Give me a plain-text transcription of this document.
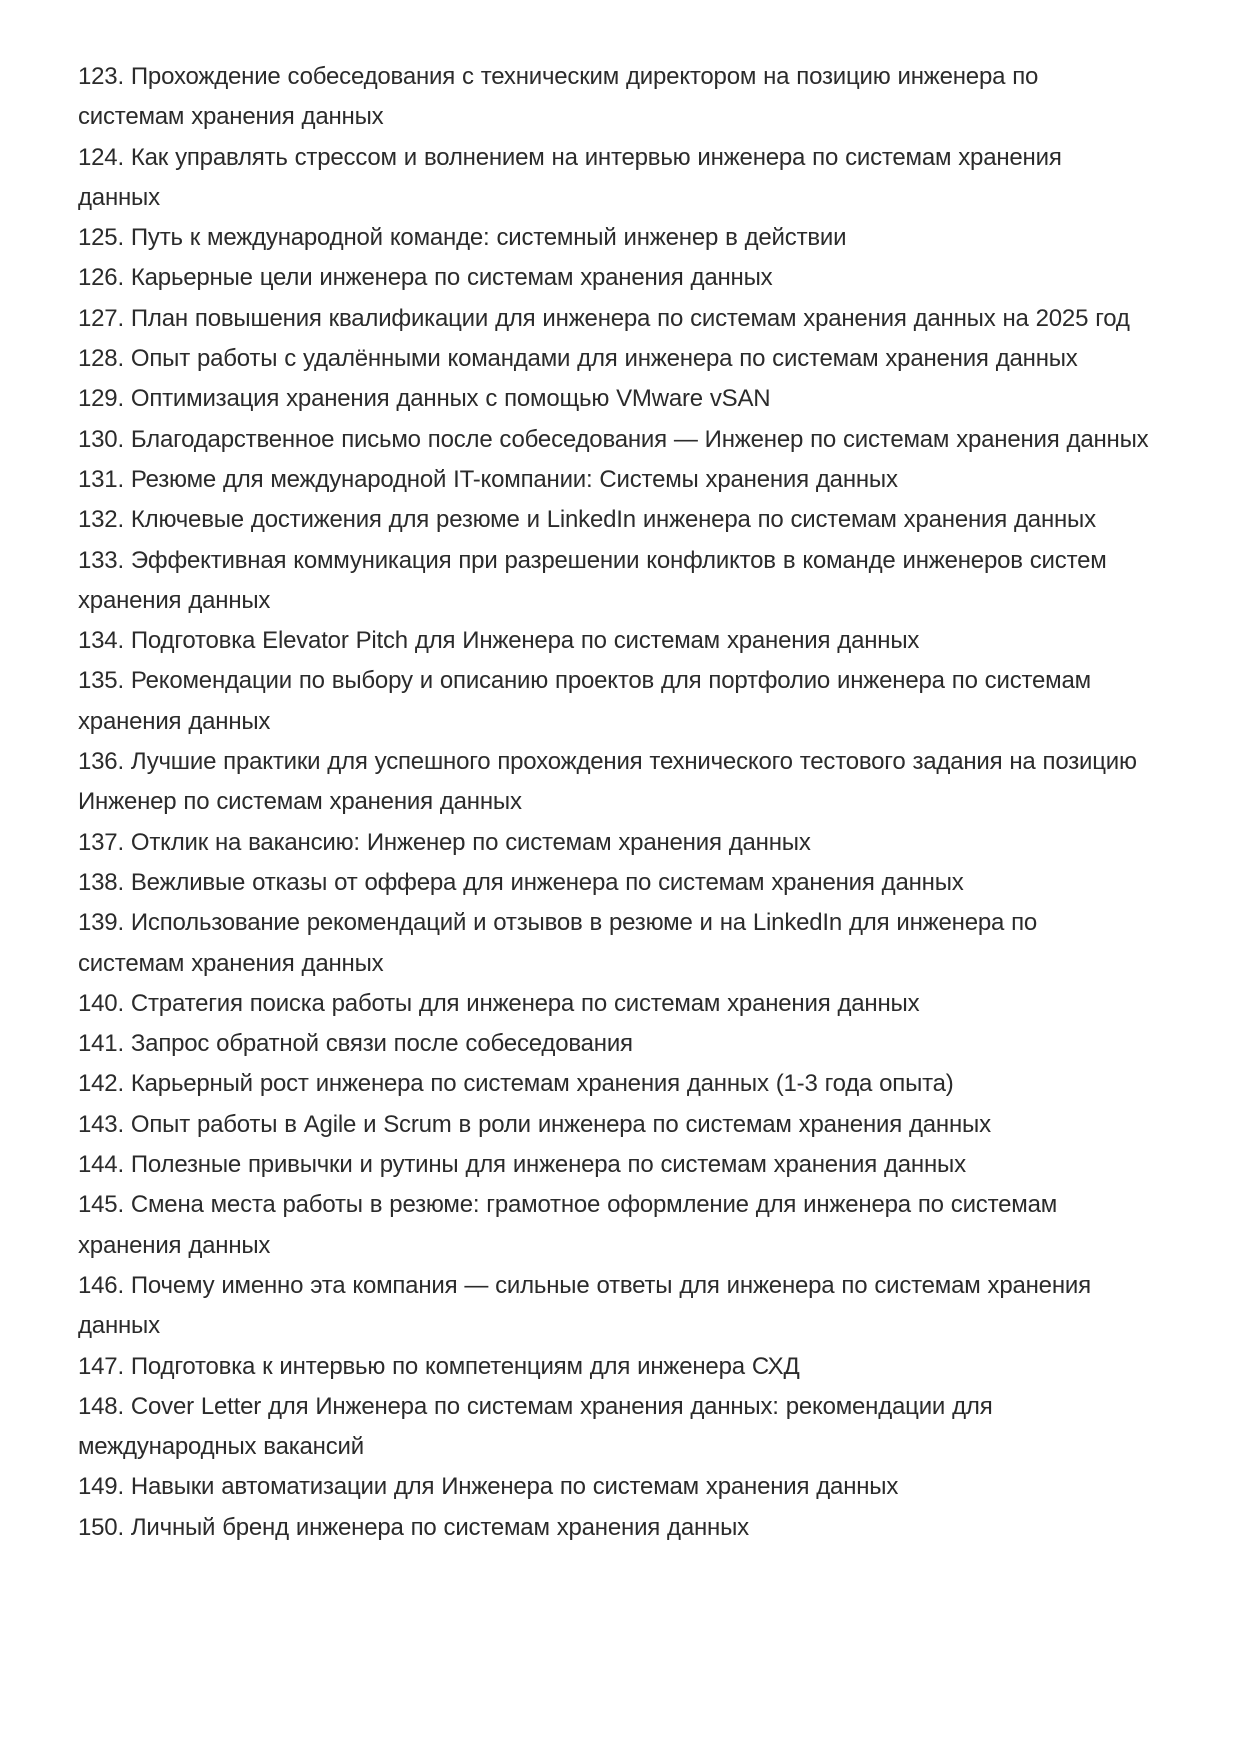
123. Прохождение собеседования с техническим директором на позицию инженера по системам хранения данных

124. Как управлять стрессом и волнением на интервью инженера по системам хранения данных

125. Путь к международной команде: системный инженер в действии

126. Карьерные цели инженера по системам хранения данных

127. План повышения квалификации для инженера по системам хранения данных на 2025 год

128. Опыт работы с удалёнными командами для инженера по системам хранения данных

129. Оптимизация хранения данных с помощью VMware vSAN

130. Благодарственное письмо после собеседования — Инженер по системам хранения данных

131. Резюме для международной IT-компании: Системы хранения данных

132. Ключевые достижения для резюме и LinkedIn инженера по системам хранения данных

133. Эффективная коммуникация при разрешении конфликтов в команде инженеров систем хранения данных

134. Подготовка Elevator Pitch для Инженера по системам хранения данных

135. Рекомендации по выбору и описанию проектов для портфолио инженера по системам хранения данных

136. Лучшие практики для успешного прохождения технического тестового задания на позицию Инженер по системам хранения данных

137. Отклик на вакансию: Инженер по системам хранения данных

138. Вежливые отказы от оффера для инженера по системам хранения данных

139. Использование рекомендаций и отзывов в резюме и на LinkedIn для инженера по системам хранения данных

140. Стратегия поиска работы для инженера по системам хранения данных

141. Запрос обратной связи после собеседования

142. Карьерный рост инженера по системам хранения данных (1-3 года опыта)

143. Опыт работы в Agile и Scrum в роли инженера по системам хранения данных

144. Полезные привычки и рутины для инженера по системам хранения данных

145. Смена места работы в резюме: грамотное оформление для инженера по системам хранения данных

146. Почему именно эта компания — сильные ответы для инженера по системам хранения данных

147. Подготовка к интервью по компетенциям для инженера СХД

148. Cover Letter для Инженера по системам хранения данных: рекомендации для международных вакансий

149. Навыки автоматизации для Инженера по системам хранения данных

150. Личный бренд инженера по системам хранения данных
